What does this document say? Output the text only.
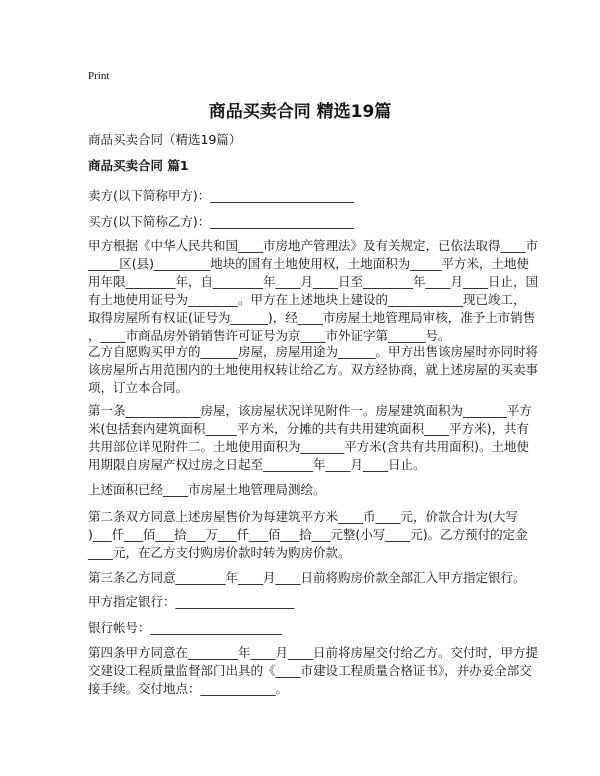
Print
商品买卖合同 精选19篇
商品买卖合同（精选19篇）
商品买卖合同 篇1
卖方(以下简称甲方)：_______________________
买方(以下简称乙方)：_______________________
甲方根据《中华人民共和国____市房地产管理法》及有关规定，已依法取得____市
_____区(县)_________地块的国有土地使用权，土地面积为_____平方米，土地使
用年限________年，自________年____月____日至________年____月____日止，国
有土地使用证号为________。甲方在上述地块上建设的____________现已竣工，
取得房屋所有权证(证号为______)，经____市房屋土地管理局审核，准予上市销售
，____市商品房外销销售许可证号为京____市外证字第______号。
乙方自愿购买甲方的______房屋，房屋用途为______。甲方出售该房屋时亦同时将
该房屋所占用范围内的土地使用权转让给乙方。双方经协商，就上述房屋的买卖事
项，订立本合同。
第一条____________房屋，该房屋状况详见附件一。房屋建筑面积为_______平方
米(包括套内建筑面积_____平方米，分摊的共有共用建筑面积____平方米)，共有
共用部位详见附件二。土地使用面积为_______平方米(含共有共用面积)。土地使
用期限自房屋产权过房之日起至________年____月____日止。
上述面积已经____市房屋土地管理局测绘。
第二条双方同意上述房屋售价为每建筑平方米____币____元，价款合计为(大写
)___仟___佰___拾___万___仟___佰___拾___元整(小写____元)。乙方预付的定金
____元，在乙方支付购房价款时转为购房价款。
第三条乙方同意________年____月____日前将购房价款全部汇入甲方指定银行。
甲方指定银行：___________________
银行帐号：_____________________
第四条甲方同意在________年____月____日前将房屋交付给乙方。交付时，甲方提
交建设工程质量监督部门出具的《____市建设工程质量合格证书》，并办妥全部交
接手续。交付地点：____________。
